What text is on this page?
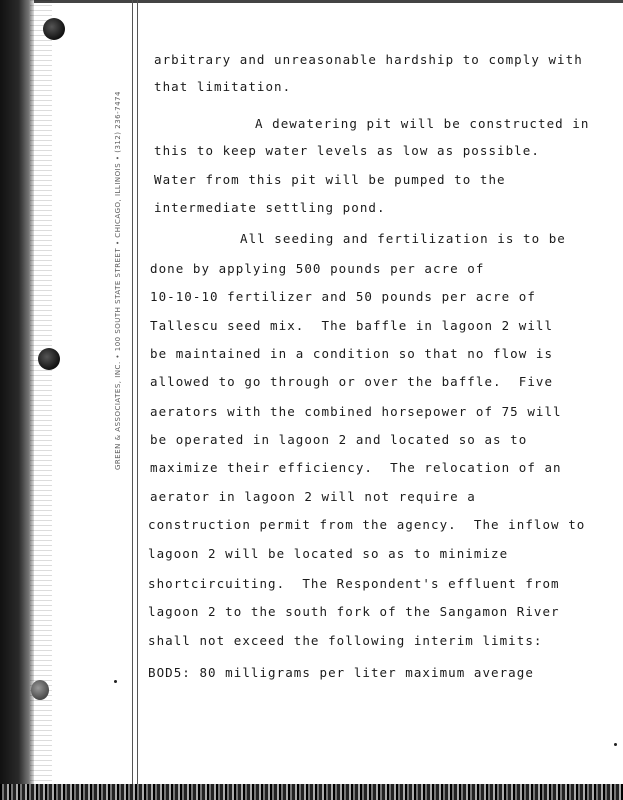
GREEN & ASSOCIATES, INC. • 100 SOUTH STATE STREET • CHICAGO, ILLINOIS • (312) 236-7474
arbitrary and unreasonable hardship to comply with
that limitation.
A dewatering pit will be constructed in
this to keep water levels as low as possible.
Water from this pit will be pumped to the
intermediate settling pond.
All seeding and fertilization is to be
done by applying 500 pounds per acre of
10-10-10 fertilizer and 50 pounds per acre of
Tallescu seed mix.  The baffle in lagoon 2 will
be maintained in a condition so that no flow is
allowed to go through or over the baffle.  Five
aerators with the combined horsepower of 75 will
be operated in lagoon 2 and located so as to
maximize their efficiency.  The relocation of an
aerator in lagoon 2 will not require a
construction permit from the agency.  The inflow to
lagoon 2 will be located so as to minimize
shortcircuiting.  The Respondent's effluent from
lagoon 2 to the south fork of the Sangamon River
shall not exceed the following interim limits:
BOD5: 80 milligrams per liter maximum average
